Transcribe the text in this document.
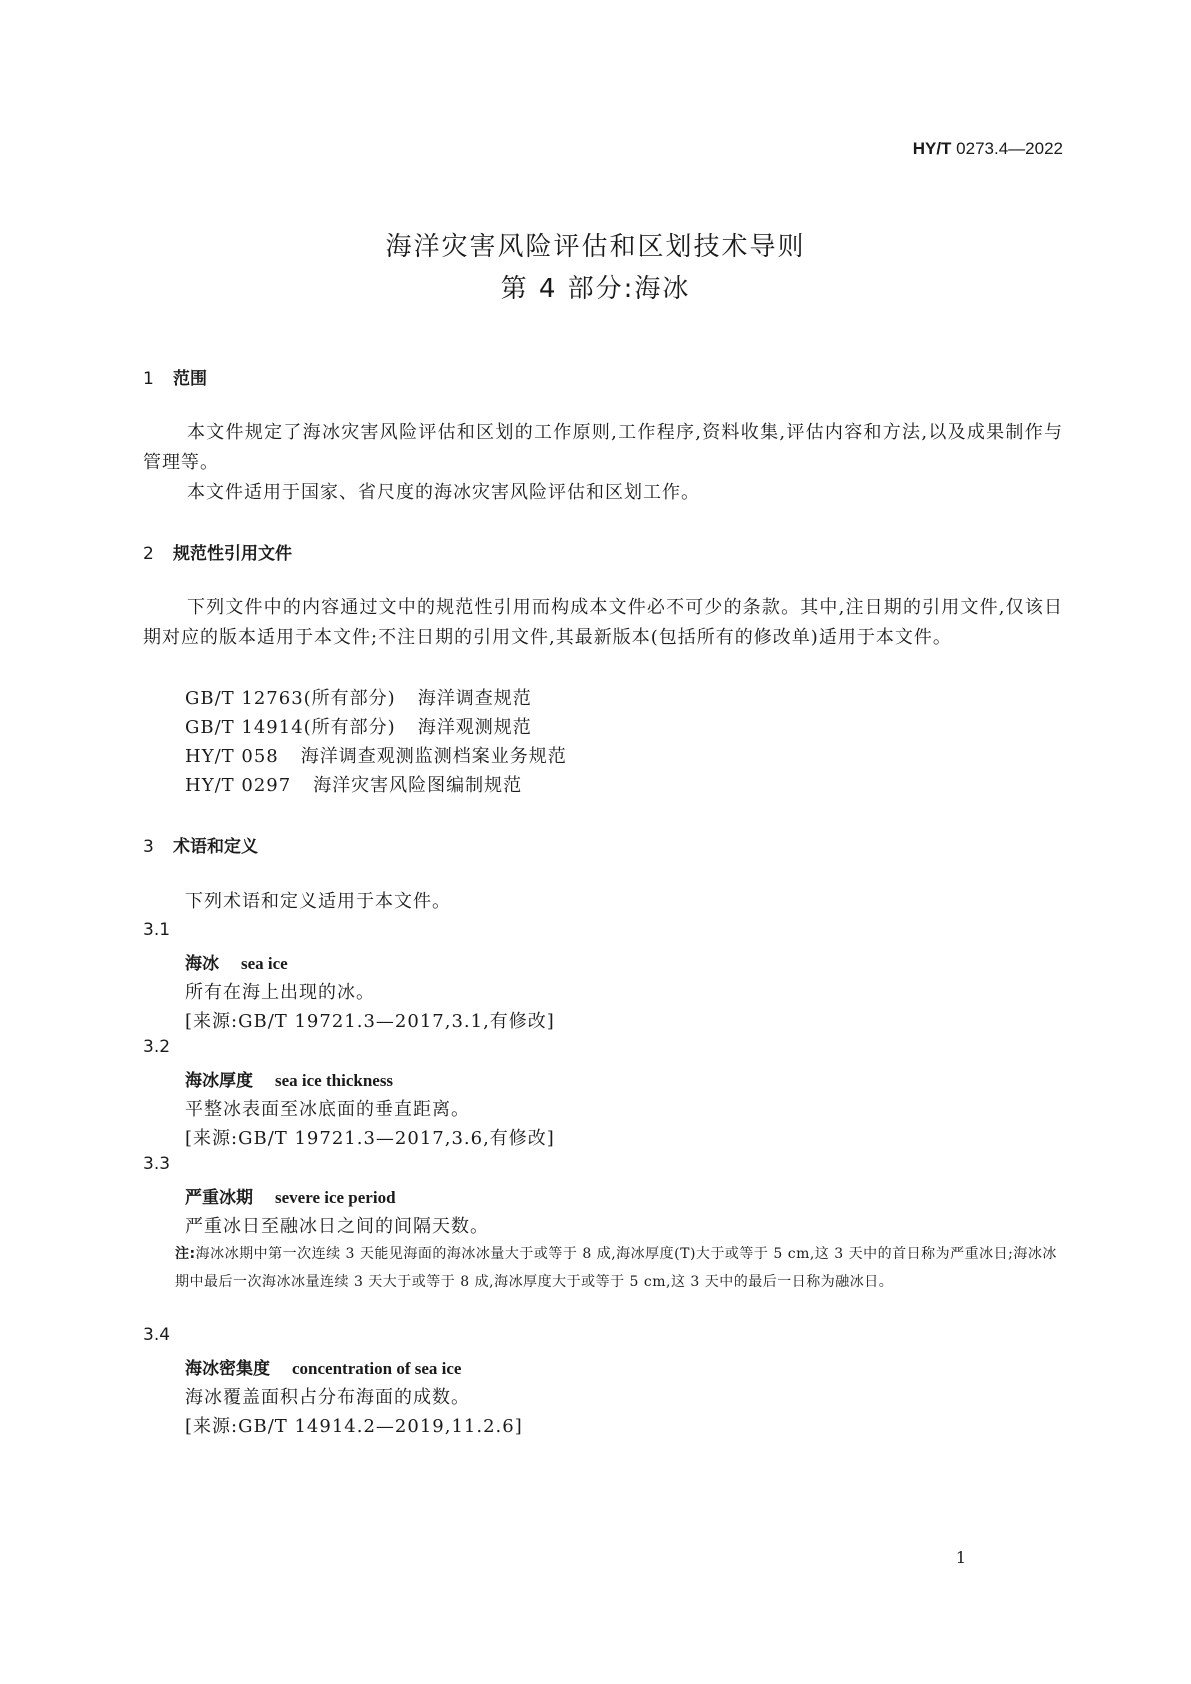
HY/T 0273.4—2022
海洋灾害风险评估和区划技术导则
第 4 部分:海冰
1 范围
本文件规定了海冰灾害风险评估和区划的工作原则,工作程序,资料收集,评估内容和方法,以及成果制作与管理等。
本文件适用于国家、省尺度的海冰灾害风险评估和区划工作。
2 规范性引用文件
下列文件中的内容通过文中的规范性引用而构成本文件必不可少的条款。其中,注日期的引用文件,仅该日期对应的版本适用于本文件;不注日期的引用文件,其最新版本(包括所有的修改单)适用于本文件。
GB/T 12763(所有部分) 海洋调查规范
GB/T 14914(所有部分) 海洋观测规范
HY/T 058 海洋调查观测监测档案业务规范
HY/T 0297 海洋灾害风险图编制规范
3 术语和定义
下列术语和定义适用于本文件。
3.1
海冰 sea ice
所有在海上出现的冰。
[来源:GB/T 19721.3—2017,3.1,有修改]
3.2
海冰厚度 sea ice thickness
平整冰表面至冰底面的垂直距离。
[来源:GB/T 19721.3—2017,3.6,有修改]
3.3
严重冰期 severe ice period
严重冰日至融冰日之间的间隔天数。
注:海冰冰期中第一次连续 3 天能见海面的海冰冰量大于或等于 8 成,海冰厚度(T)大于或等于 5 cm,这 3 天中的首日称为严重冰日;海冰冰期中最后一次海冰冰量连续 3 天大于或等于 8 成,海冰厚度大于或等于 5 cm,这 3 天中的最后一日称为融冰日。
3.4
海冰密集度 concentration of sea ice
海冰覆盖面积占分布海面的成数。
[来源:GB/T 14914.2—2019,11.2.6]
1
